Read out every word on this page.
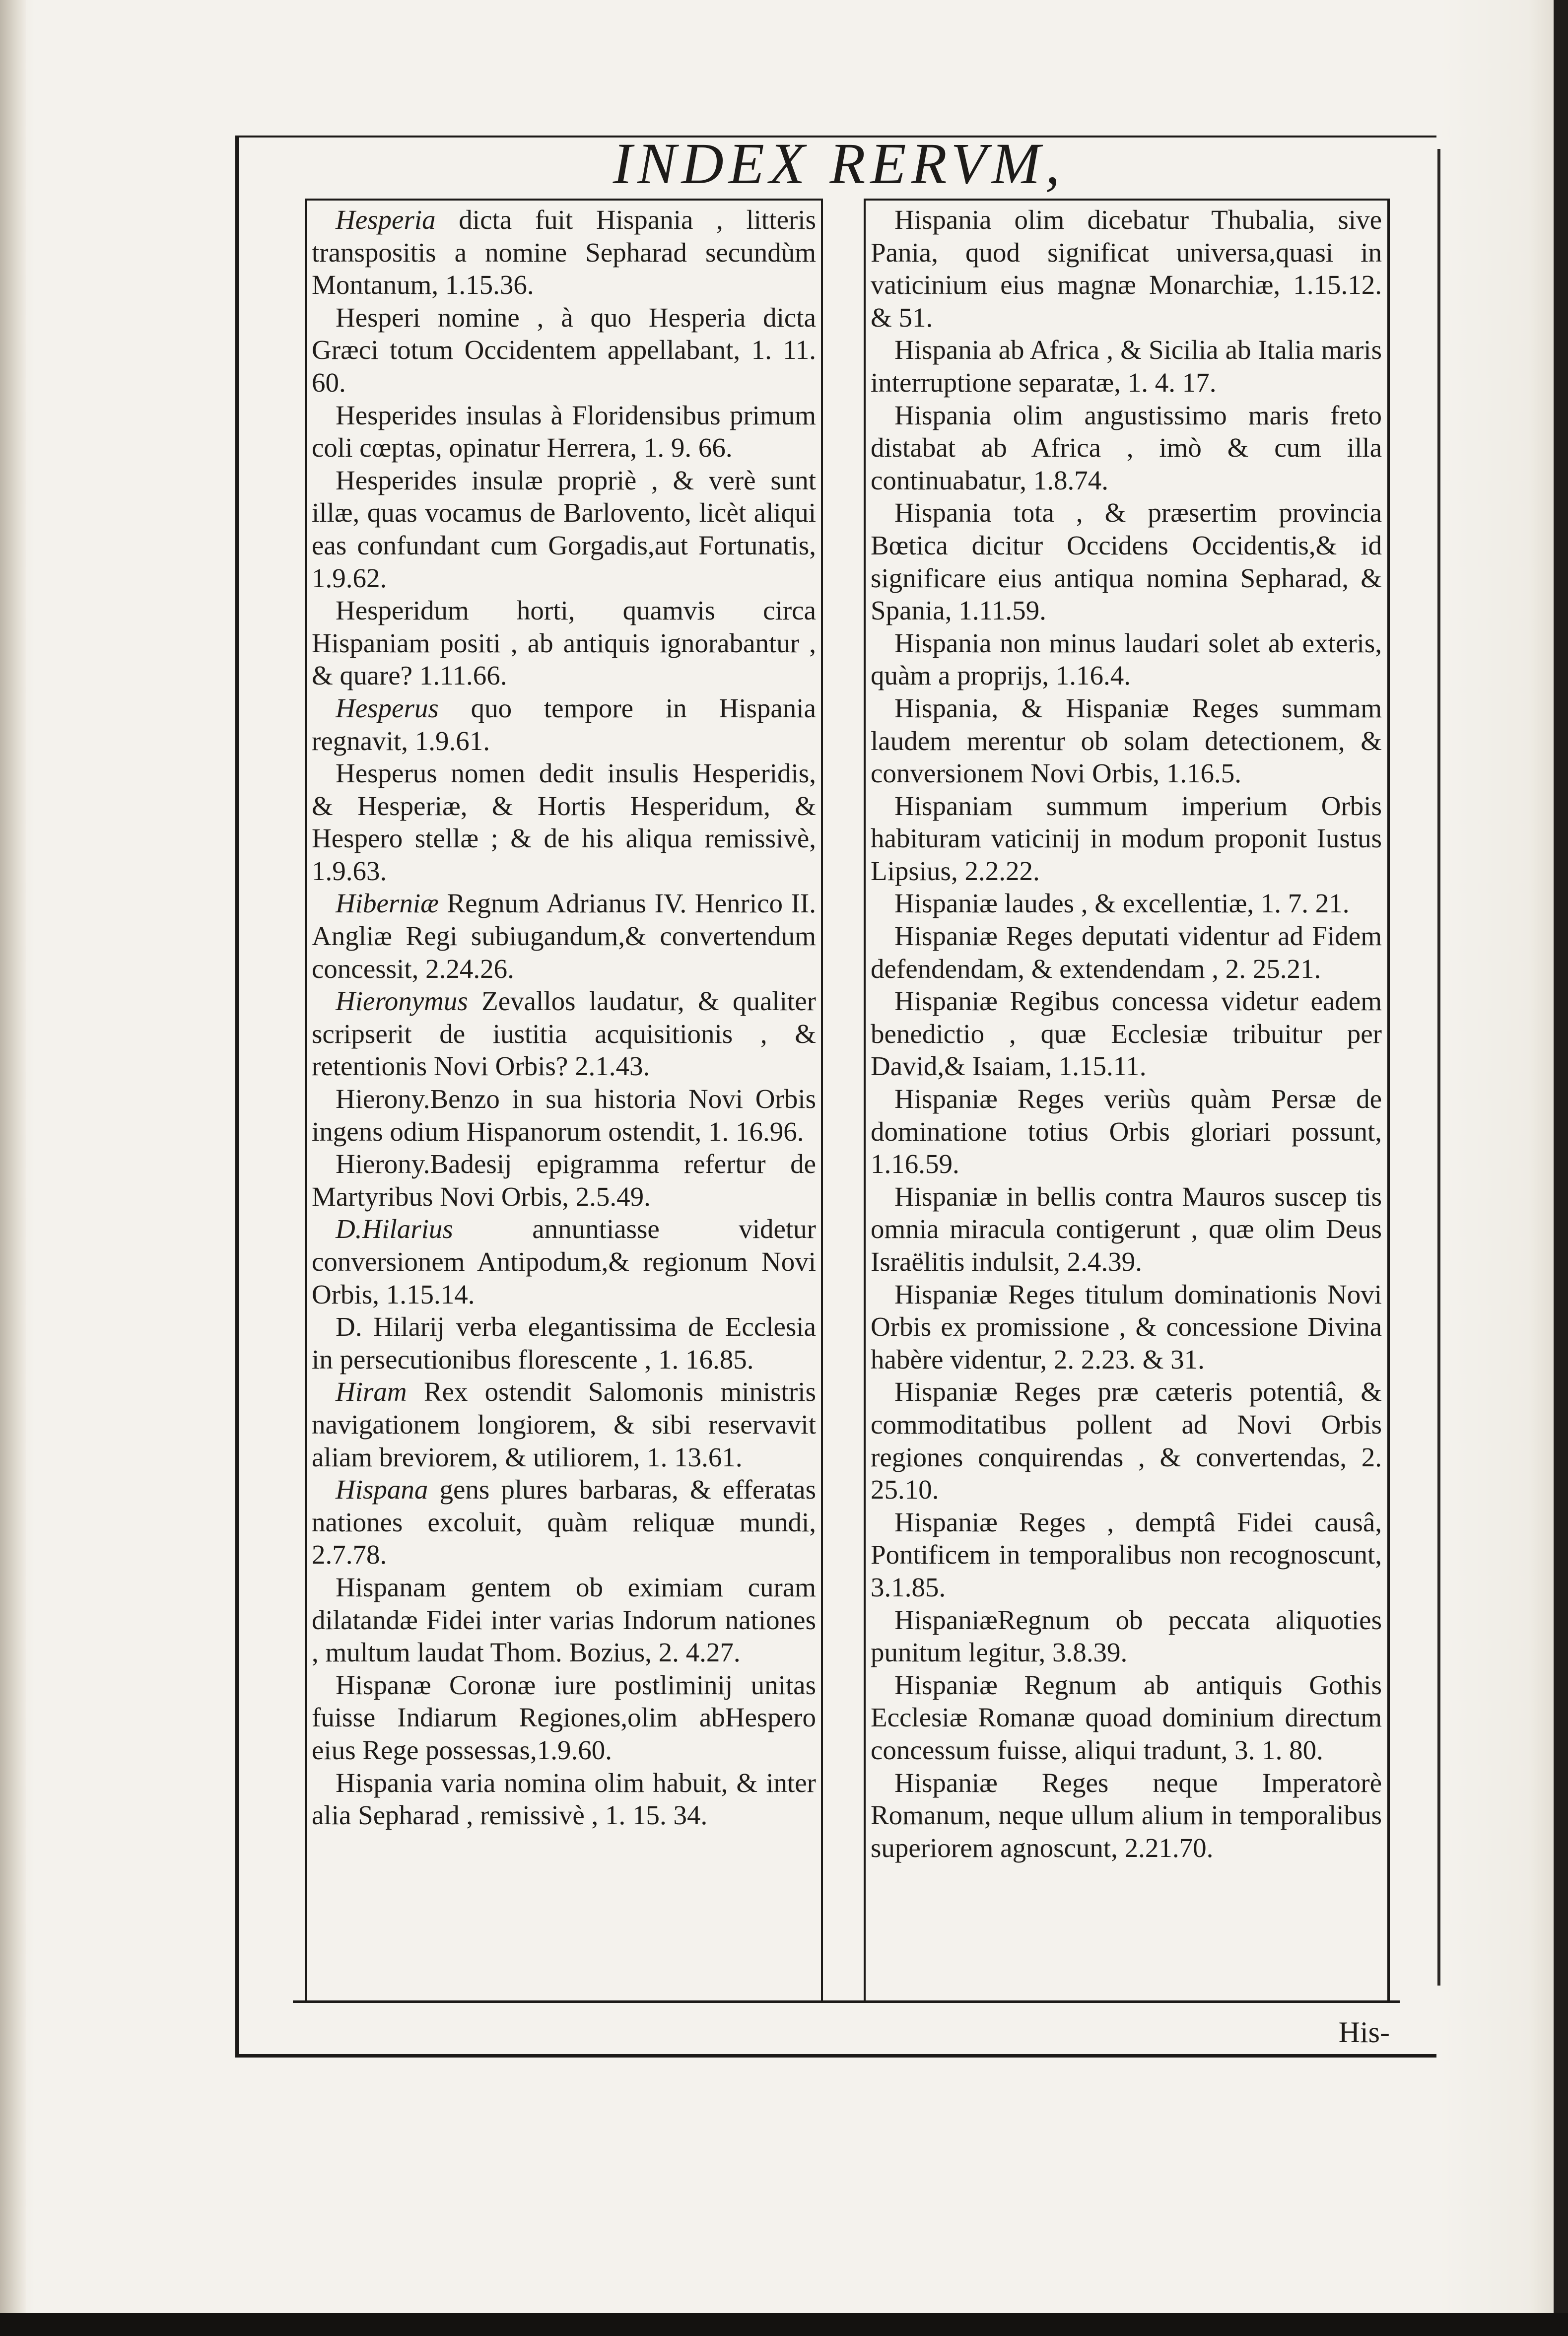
INDEX RERVM,

Hesperia dicta fuit Hispania , litteris transpositis a nomine Sepharad secundùm Montanum, 1.15.36.

Hesperi nomine , à quo Hesperia dicta Græci totum Occidentem appellabant, 1. 11. 60.

Hesperides insulas à Floridensibus primum coli cœptas, opinatur Herrera, 1. 9. 66.

Hesperides insulæ propriè , & verè sunt illæ, quas vocamus de Barlovento, licèt aliqui eas confundant cum Gorgadis,aut Fortunatis, 1.9.62.

Hesperidum horti, quamvis circa Hispaniam positi , ab antiquis ignorabantur , & quare? 1.11.66.

Hesperus quo tempore in Hispania regnavit, 1.9.61.

Hesperus nomen dedit insulis Hesperidis, & Hesperiæ, & Hortis Hesperidum, & Hespero stellæ ; & de his aliqua remissivè, 1.9.63.

Hiberniæ Regnum Adrianus IV. Henrico II. Angliæ Regi subiugandum,& convertendum concessit, 2.24.26.

Hieronymus Zevallos laudatur, & qualiter scripserit de iustitia acquisitionis , & retentionis Novi Orbis? 2.1.43.

Hierony.Benzo in sua historia Novi Orbis ingens odium Hispanorum ostendit, 1. 16.96.

Hierony.Badesij epigramma refertur de Martyribus Novi Orbis, 2.5.49.

D.Hilarius annuntiasse videtur conversionem Antipodum,& regionum Novi Orbis, 1.15.14.

D. Hilarij verba elegantissima de Ecclesia in persecutionibus florescente , 1. 16.85.

Hiram Rex ostendit Salomonis ministris navigationem longiorem, & sibi reservavit aliam breviorem, & utiliorem, 1. 13.61.

Hispana gens plures barbaras, & efferatas nationes excoluit, quàm reliquæ mundi, 2.7.78.

Hispanam gentem ob eximiam curam dilatandæ Fidei inter varias Indorum nationes , multum laudat Thom. Bozius, 2. 4.27.

Hispanæ Coronæ iure postliminij unitas fuisse Indiarum Regiones,olim abHespero eius Rege possessas,1.9.60.

Hispania varia nomina olim habuit, & inter alia Sepharad , remissivè , 1. 15. 34.

Hispania olim dicebatur Thubalia, sive Pania, quod significat universa,quasi in vaticinium eius magnæ Monarchiæ, 1.15.12. & 51.

Hispania ab Africa , & Sicilia ab Italia maris interruptione separatæ, 1. 4. 17.

Hispania olim angustissimo maris freto distabat ab Africa , imò & cum illa continuabatur, 1.8.74.

Hispania tota , & præsertim provincia Bœtica dicitur Occidens Occidentis,& id significare eius antiqua nomina Sepharad, & Spania, 1.11.59.

Hispania non minus laudari solet ab exteris, quàm a proprijs, 1.16.4.

Hispania, & Hispaniæ Reges summam laudem merentur ob solam detectionem, & conversionem Novi Orbis, 1.16.5.

Hispaniam summum imperium Orbis habituram vaticinij in modum proponit Iustus Lipsius, 2.2.22.

Hispaniæ laudes , & excellentiæ, 1. 7. 21.

Hispaniæ Reges deputati videntur ad Fidem defendendam, & extendendam , 2. 25.21.

Hispaniæ Regibus concessa videtur eadem benedictio , quæ Ecclesiæ tribuitur per David,& Isaiam, 1.15.11.

Hispaniæ Reges veriùs quàm Persæ de dominatione totius Orbis gloriari possunt, 1.16.59.

Hispaniæ in bellis contra Mauros suscep tis omnia miracula contigerunt , quæ olim Deus Israëlitis indulsit, 2.4.39.

Hispaniæ Reges titulum dominationis Novi Orbis ex promissione , & concessione Divina habère videntur, 2. 2.23. & 31.

Hispaniæ Reges præ cæteris potentiâ, & commoditatibus pollent ad Novi Orbis regiones conquirendas , & convertendas, 2. 25.10.

Hispaniæ Reges , demptâ Fidei causâ, Pontificem in temporalibus non recognoscunt, 3.1.85.

HispaniæRegnum ob peccata aliquoties punitum legitur, 3.8.39.

Hispaniæ Regnum ab antiquis Gothis Ecclesiæ Romanæ quoad dominium directum concessum fuisse, aliqui tradunt, 3. 1. 80.

Hispaniæ Reges neque Imperatorè Romanum, neque ullum alium in temporalibus superiorem agnoscunt, 2.21.70.

His-
